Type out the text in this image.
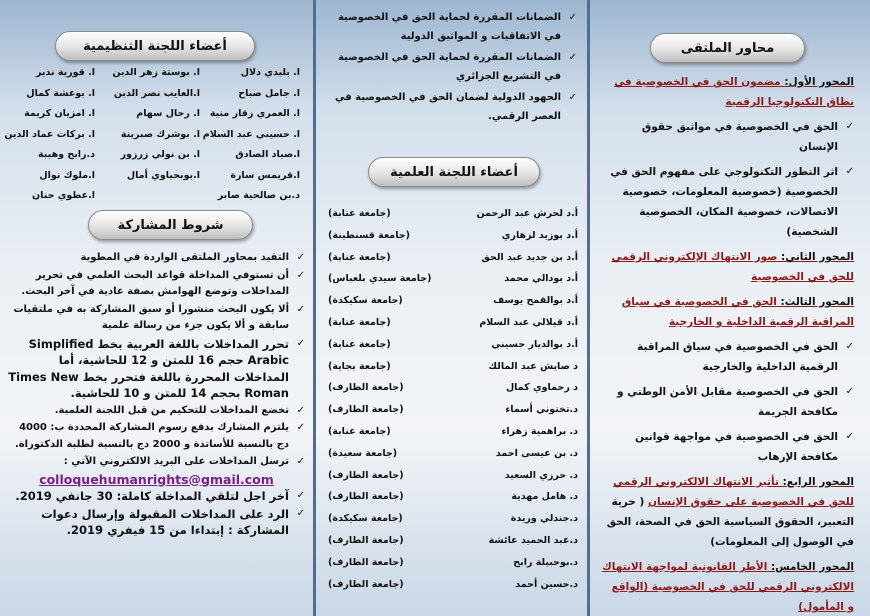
محاور الملتقى

المحور الأول: مضمون الحق في الخصوصية في نطاق التكنولوجيا الرقمية

✓ الحق في الخصوصية في مواثيق حقوق الإنسان

✓ اثر التطور التكنولوجي على مفهوم الحق في الخصوصية (خصوصية المعلومات، خصوصية الاتصالات، خصوصية المكان، الخصوصية الشخصية)

المحور الثاني: صور الانتهاك الإلكتروني الرقمي للحق في الخصوصية

المحور الثالث: الحق في الخصوصية في سياق المراقبة الرقمية الداخلية و الخارجية

✓ الحق في الخصوصية في سياق المراقبة الرقمية الداخلية والخارجية

✓ الحق في الخصوصية مقابل الأمن الوطني و مكافحة الجريمة

✓ الحق في الخصوصية في مواجهة قوانين مكافحة الإرهاب

المحور الرابع: تأثير الانتهاك الالكتروني الرقمي للحق في الخصوصية على حقوق الإنسان ( حرية التعبير، الحقوق السياسية الحق في الصحة، الحق في الوصول إلى المعلومات)

المحور الخامس: الأطر القانونية لمواجهة الانتهاك الالكتروني الرقمي للحق في الخصوصية (الواقع و المأمول)

✓ الضمانات المقررة لحماية الحق في الخصوصية في الاتفاقيات و المواثيق الدولية

✓ الضمانات المقررة لحماية الحق في الخصوصية في التشريع الجزائري

✓ الجهود الدولية لضمان الحق في الخصوصية في العصر الرقمي.

أعضاء اللجنة العلمية
أ.د لحرش عبد الرحمن
(جامعة عنابة)
أ.د بوزيد لزهاري
(جامعة قسنطينة)
أ.د بن جديد عبد الحق
(جامعة عنابة)
أ.د بودالي محمد
(جامعة سيدي بلعباس)
أ.د بوالقمح يوسف
(جامعة سكيكدة)
أ.د قيلالي عبد السلام
(جامعة عنابة)
أ.د بوالديار حسيني
(جامعة عنابة)
د صايش عبد المالك
(جامعة بجاية)
د رحماوي كمال
(جامعة الطارف)
د.تختوني أسماء
(جامعة الطارف)
د. براهمية زهراء
(جامعة عنابة)
د. بن عيسى احمد
(جامعة سعيدة)
د. حرزي السعيد
(جامعة الطارف)
د. هامل مهدية
(جامعة الطارف)
د.جندلي وريدة
(جامعة سكيكدة)
د.عبد الحميد عائشة
(جامعة الطارف)
د.بوحبيلة رابح
(جامعة الطارف)
د.حسين أحمد
(جامعة الطارف)
أعضاء اللجنة التنظيمية
ا. بليدي دلال
ا. جامل صباح
ا. العمري زقار منية
ا. حسيني عبد السلام
ا.صياد الصادق
ا.قريمس سارة
د.بن صالحية صابر
ا. بوستة زهر الدين
ا.العايب نصر الدين
ا. رحال سهام
ا. بوشرك صبرينة
ا. بن نولي زرزور
ا.بوبحياوي أمال
ا. قورية نذير
ا. بوعشة كمال
ا. امزيان كريمة
ا. بركات عماد الدين
د.رابح وهيبة
ا.ملوك نوال
ا.عطوي حنان
شروط المشاركة

✓ التقيد بمحاور الملتقى الواردة في المطوية

✓ أن تستوفي المداخلة قواعد البحث العلمي في تحرير المداخلات وتوضع الهوامش بصفة عادية في آخر البحث.

✓ ألا يكون البحث منشورا أو سبق المشاركة به في ملتقيات سابقة و ألا يكون جزء من رسالة علمية

✓ تحرر المداخلات باللغة العربية بخط Simplified Arabic حجم 16 للمتن و 12 للحاشية، أما المداخلات المحررة باللغة فتحرر بخط Times New Roman بحجم 14 للمتن و 10 للحاشية.

✓ تخضع المداخلات للتحكيم من قبل اللجنة العلمية.

✓ يلتزم المشارك بدفع رسوم المشاركة المحددة ب: 4000 دج بالنسبة للأساتذة و 2000 دج بالنسبة لطلبة الدكتوراة.

✓ ترسل المداخلات على البريد الالكتروني الآتي :

colloquehumanrights@gmail.com

✓ آخر اجل لتلقي المداخلة كاملة: 30 جانفي 2019.

✓ الرد على المداخلات المقبولة وإرسال دعوات المشاركة : إبتداءا من 15 فيفري 2019.
